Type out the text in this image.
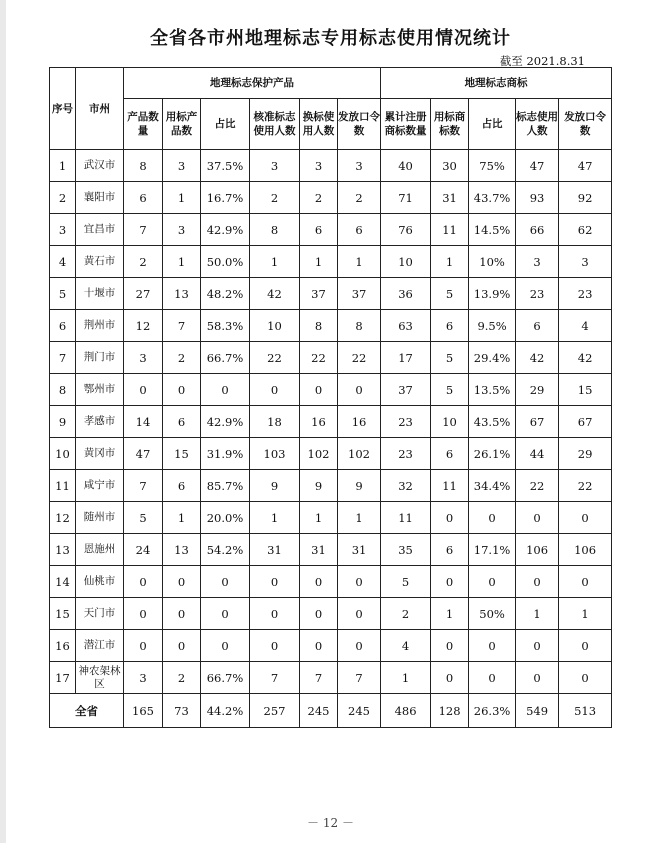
全省各市州地理标志专用标志使用情况统计
截至 2021.8.31
序号	市州	地理标志保护产品						地理标志商标				
		产品数量	用标产品数	占比	核准标志使用人数	换标使用人数	发放口令数	累计注册商标数量	用标商标数	占比	标志使用人数	发放口令数
1	武汉市	8	3	37.5%	3	3	3	40	30	75%	47	47
2	襄阳市	6	1	16.7%	2	2	2	71	31	43.7%	93	92
3	宜昌市	7	3	42.9%	8	6	6	76	11	14.5%	66	62
4	黄石市	2	1	50.0%	1	1	1	10	1	10%	3	3
5	十堰市	27	13	48.2%	42	37	37	36	5	13.9%	23	23
6	荆州市	12	7	58.3%	10	8	8	63	6	9.5%	6	4
7	荆门市	3	2	66.7%	22	22	22	17	5	29.4%	42	42
8	鄂州市	0	0	0	0	0	0	37	5	13.5%	29	15
9	孝感市	14	6	42.9%	18	16	16	23	10	43.5%	67	67
10	黄冈市	47	15	31.9%	103	102	102	23	6	26.1%	44	29
11	咸宁市	7	6	85.7%	9	9	9	32	11	34.4%	22	22
12	随州市	5	1	20.0%	1	1	1	11	0	0	0	0
13	恩施州	24	13	54.2%	31	31	31	35	6	17.1%	106	106
14	仙桃市	0	0	0	0	0	0	5	0	0	0	0
15	天门市	0	0	0	0	0	0	2	1	50%	1	1
16	潜江市	0	0	0	0	0	0	4	0	0	0	0
17	神农架林区	3	2	66.7%	7	7	7	1	0	0	0	0
全省		165	73	44.2%	257	245	245	486	128	26.3%	549	513
－ 12 －
